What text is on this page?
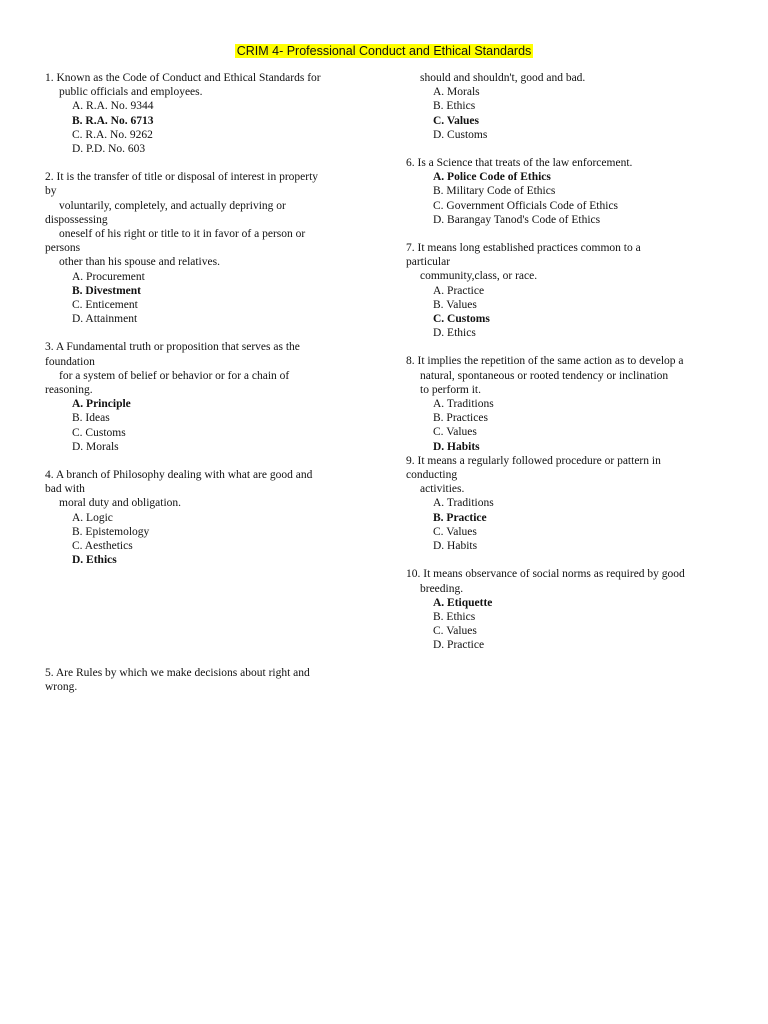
CRIM 4- Professional Conduct and Ethical Standards
1. Known as the Code of Conduct and Ethical Standards for
public officials and employees.
A. R.A. No. 9344
B. R.A. No. 6713
C. R.A. No. 9262
D. P.D. No. 603
2. It is the transfer of title or disposal of interest in property
by
voluntarily, completely, and actually depriving or
dispossessing
oneself of his right or title to it in favor of a person or
persons
other than his spouse and relatives.
A. Procurement
B. Divestment
C. Enticement
D. Attainment
3. A Fundamental truth or proposition that serves as the
foundation
for a system of belief or behavior or for a chain of
reasoning.
A. Principle
B. Ideas
C. Customs
D. Morals
4. A branch of Philosophy dealing with what are good and
bad with
moral duty and obligation.
A. Logic
B. Epistemology
C. Aesthetics
D. Ethics
5. Are Rules by which we make decisions about right and
wrong.
should and shouldn't, good and bad.
A. Morals
B. Ethics
C. Values
D. Customs
6. Is a Science that treats of the law enforcement.
A. Police Code of Ethics
B. Military Code of Ethics
C. Government Officials Code of Ethics
D. Barangay Tanod's Code of Ethics
7. It means long established practices common to a
particular
community,class, or race.
A. Practice
B. Values
C. Customs
D. Ethics
8. It implies the repetition of the same action as to develop a
natural, spontaneous or rooted tendency or inclination
to perform it.
A. Traditions
B. Practices
C. Values
D. Habits
9. It means a regularly followed procedure or pattern in
conducting
activities.
A. Traditions
B. Practice
C. Values
D. Habits
10. It means observance of social norms as required by good
breeding.
A. Etiquette
B. Ethics
C. Values
D. Practice
